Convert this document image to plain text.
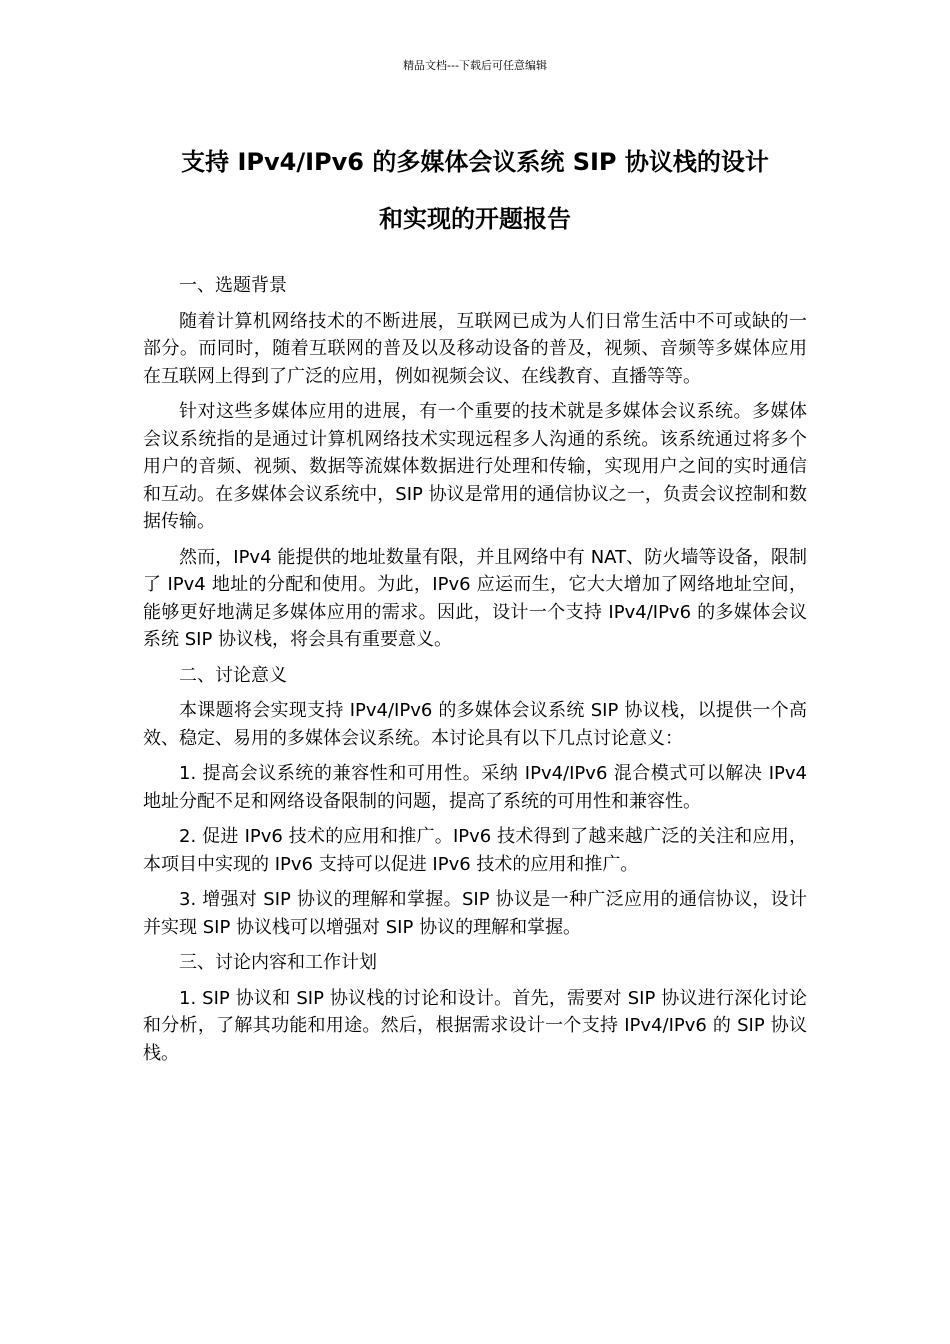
精品文档---下载后可任意编辑
支持 IPv4/IPv6 的多媒体会议系统 SIP 协议栈的设计
和实现的开题报告

一、选题背景

随着计算机网络技术的不断进展，互联网已成为人们日常生活中不可或缺的一部分。而同时，随着互联网的普及以及移动设备的普及，视频、音频等多媒体应用在互联网上得到了广泛的应用，例如视频会议、在线教育、直播等等。

针对这些多媒体应用的进展，有一个重要的技术就是多媒体会议系统。多媒体会议系统指的是通过计算机网络技术实现远程多人沟通的系统。该系统通过将多个用户的音频、视频、数据等流媒体数据进行处理和传输，实现用户之间的实时通信和互动。在多媒体会议系统中，SIP 协议是常用的通信协议之一，负责会议控制和数据传输。

然而，IPv4 能提供的地址数量有限，并且网络中有 NAT、防火墙等设备，限制了 IPv4 地址的分配和使用。为此，IPv6 应运而生，它大大增加了网络地址空间，能够更好地满足多媒体应用的需求。因此，设计一个支持 IPv4/IPv6 的多媒体会议系统 SIP 协议栈，将会具有重要意义。

二、讨论意义

本课题将会实现支持 IPv4/IPv6 的多媒体会议系统 SIP 协议栈，以提供一个高效、稳定、易用的多媒体会议系统。本讨论具有以下几点讨论意义：

1. 提高会议系统的兼容性和可用性。采纳 IPv4/IPv6 混合模式可以解决 IPv4 地址分配不足和网络设备限制的问题，提高了系统的可用性和兼容性。

2. 促进 IPv6 技术的应用和推广。IPv6 技术得到了越来越广泛的关注和应用，本项目中实现的 IPv6 支持可以促进 IPv6 技术的应用和推广。

3. 增强对 SIP 协议的理解和掌握。SIP 协议是一种广泛应用的通信协议，设计并实现 SIP 协议栈可以增强对 SIP 协议的理解和掌握。

三、讨论内容和工作计划

1. SIP 协议和 SIP 协议栈的讨论和设计。首先，需要对 SIP 协议进行深化讨论和分析，了解其功能和用途。然后，根据需求设计一个支持 IPv4/IPv6 的 SIP 协议栈。
